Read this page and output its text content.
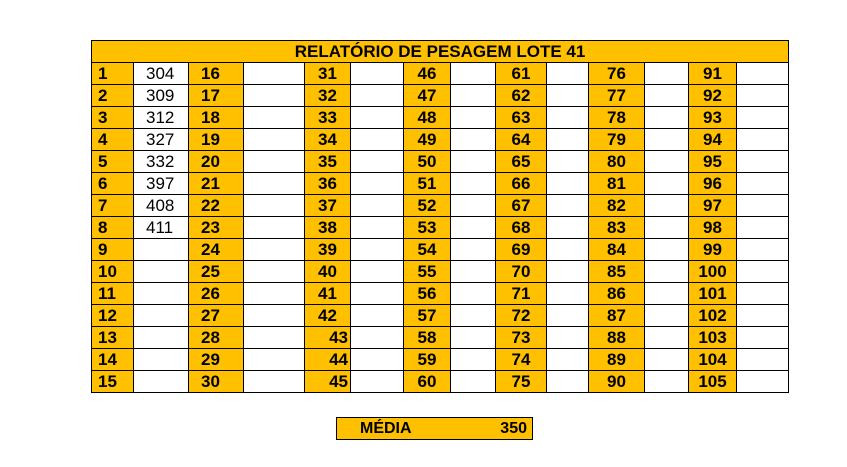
RELATÓRIO DE PESAGEM LOTE 41													

1	304	16		31		46		61		76		91	

2	309	17		32		47		62		77		92	

3	312	18		33		48		63		78		93	

4	327	19		34		49		64		79		94	

5	332	20		35		50		65		80		95	

6	397	21		36		51		66		81		96	

7	408	22		37		52		67		82		97	

8	411	23		38		53		68		83		98	

9		24		39		54		69		84		99	

10		25		40		55		70		85		100	

11		26		41		56		71		86		101	

12		27		42		57		72		87		102	

13		28		43		58		73		88		103	

14		29		44		59		74		89		104	

15		30		45		60		75		90		105	

MÉDIA	350
